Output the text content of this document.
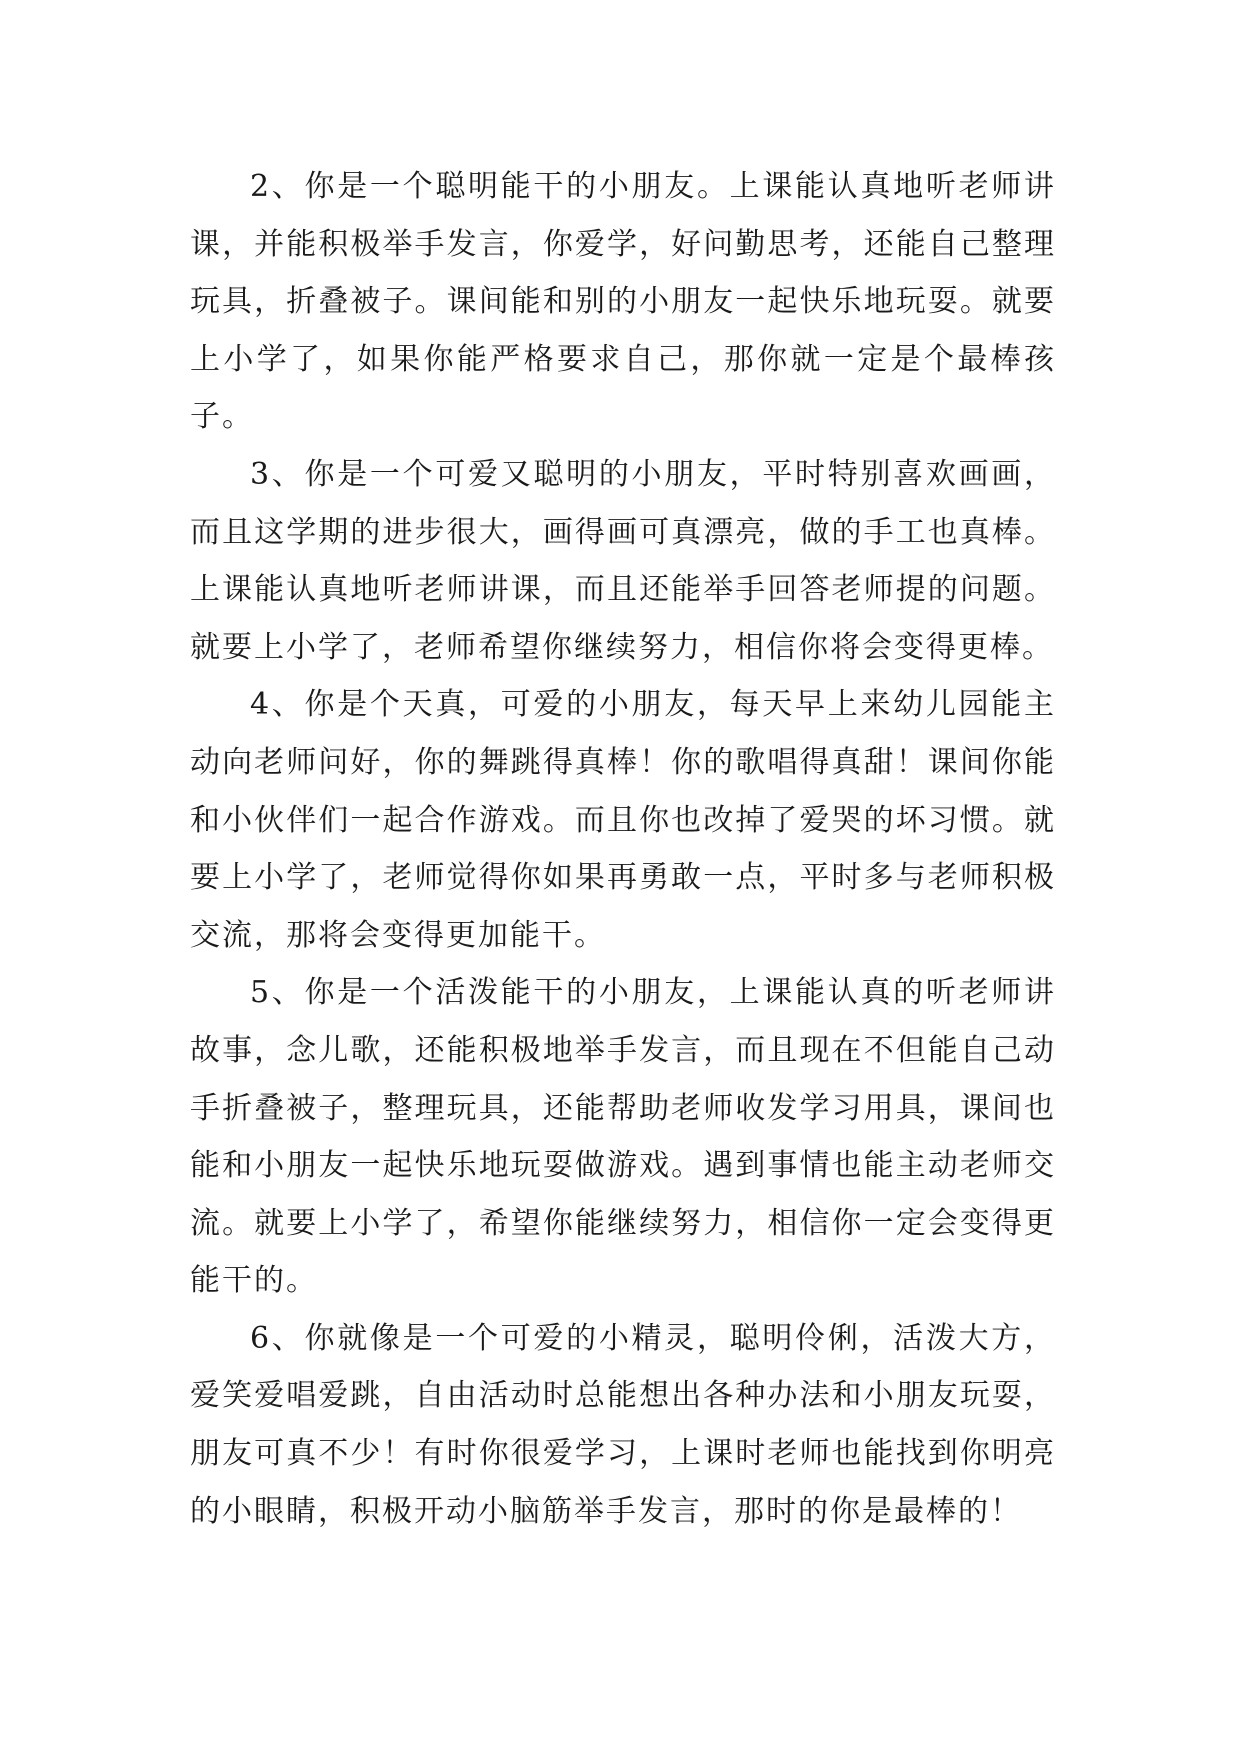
2、你是一个聪明能干的小朋友。上课能认真地听老师讲课，并能积极举手发言，你爱学，好问勤思考，还能自己整理玩具，折叠被子。课间能和别的小朋友一起快乐地玩耍。就要上小学了，如果你能严格要求自己，那你就一定是个最棒孩子。

3、你是一个可爱又聪明的小朋友，平时特别喜欢画画，而且这学期的进步很大，画得画可真漂亮，做的手工也真棒。上课能认真地听老师讲课，而且还能举手回答老师提的问题。就要上小学了，老师希望你继续努力，相信你将会变得更棒。

4、你是个天真，可爱的小朋友，每天早上来幼儿园能主动向老师问好，你的舞跳得真棒！你的歌唱得真甜！课间你能和小伙伴们一起合作游戏。而且你也改掉了爱哭的坏习惯。就要上小学了，老师觉得你如果再勇敢一点，平时多与老师积极交流，那将会变得更加能干。

5、你是一个活泼能干的小朋友，上课能认真的听老师讲故事，念儿歌，还能积极地举手发言，而且现在不但能自己动手折叠被子，整理玩具，还能帮助老师收发学习用具，课间也能和小朋友一起快乐地玩耍做游戏。遇到事情也能主动老师交流。就要上小学了，希望你能继续努力，相信你一定会变得更能干的。

6、你就像是一个可爱的小精灵，聪明伶俐，活泼大方，爱笑爱唱爱跳，自由活动时总能想出各种办法和小朋友玩耍，朋友可真不少！有时你很爱学习，上课时老师也能找到你明亮的小眼睛，积极开动小脑筋举手发言，那时的你是最棒的！
